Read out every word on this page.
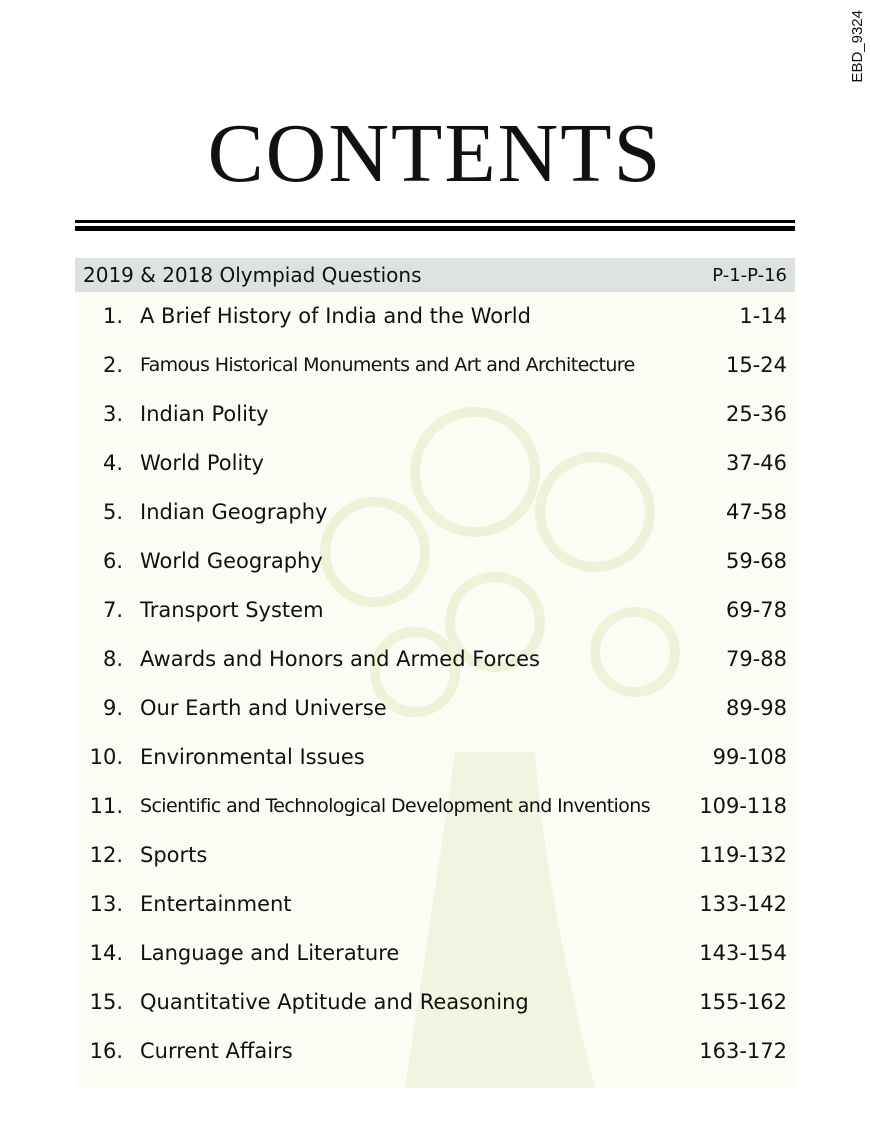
EBD_9324
CONTENTS
2019 & 2018 Olympiad Questions	P-1-P-16
1. A Brief History of India and the World	1-14
2. Famous Historical Monuments and Art and Architecture	15-24
3. Indian Polity	25-36
4. World Polity	37-46
5. Indian Geography	47-58
6. World Geography	59-68
7. Transport System	69-78
8. Awards and Honors and Armed Forces	79-88
9. Our Earth and Universe	89-98
10. Environmental Issues	99-108
11. Scientific and Technological Development and Inventions	109-118
12. Sports	119-132
13. Entertainment	133-142
14. Language and Literature	143-154
15. Quantitative Aptitude and Reasoning	155-162
16. Current Affairs	163-172
